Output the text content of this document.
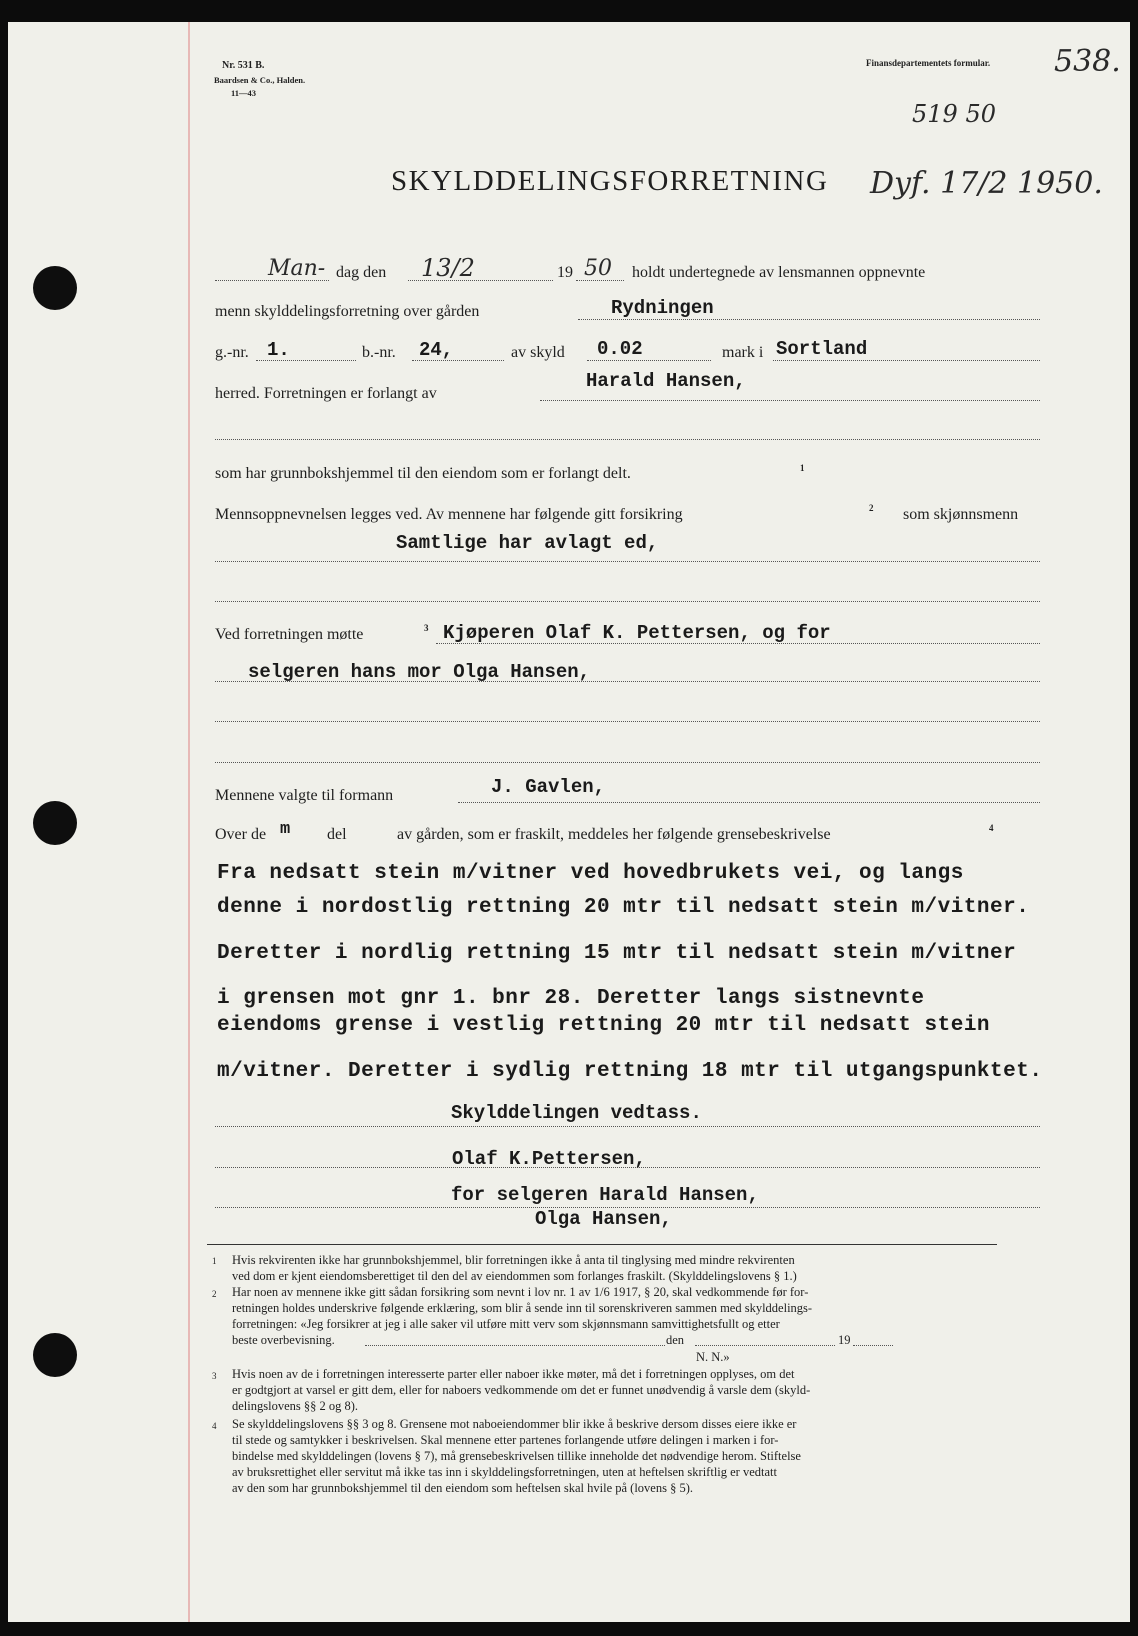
Nr. 531 B.
Baardsen & Co., Halden.
11—43
Finansdepartementets formular. 538.
519 50
SKYLDDELINGSFORRETNING Dyf. 17/2 1950.
Man- dag den 13/2	19 50 holdt undertegnede av lensmannen oppnevnte
menn skylddelingsforretning over gården	Rydningen
g.-nr. 1.	b.-nr. 24,	av skyld 0.02	mark i Sortland
herred. Forretningen er forlangt av
Harald Hansen,
som har grunnbokshjemmel til den eiendom som er forlangt delt.	1
Mennsoppnevnelsen legges ved. Av mennene har følgende gitt forsikring	2 som skjønnsmenn
Samtlige har avlagt ed,
Ved forretningen møtte	3 Kjøperen Olaf K. Pettersen, og for
selgeren hans mor Olga Hansen,
Mennene valgte til formann	J. Gavlen,
Over de m del	av gården, som er fraskilt, meddeles her følgende grensebeskrivelse	4
Fra nedsatt stein m/vitner ved hovedbrukets vei, og langs
denne i nordostlig rettning 20 mtr til nedsatt stein m/vitner.
Deretter i nordlig rettning 15 mtr til nedsatt stein m/vitner
i grensen mot gnr 1. bnr 28. Deretter langs sistnevnte
eiendoms grense i vestlig rettning 20 mtr til nedsatt stein
m/vitner. Deretter i sydlig rettning 18 mtr til utgangspunktet.
Skylddelingen vedtass.
Olaf K.Pettersen,
for selgeren Harald Hansen,
Olga Hansen,
1 Hvis rekvirenten ikke har grunnbokshjemmel, blir forretningen ikke å anta til tinglysing med mindre rekvirenten
ved dom er kjent eiendomsberettiget til den del av eiendommen som forlanges fraskilt. (Skylddelingslovens § 1.)
2 Har noen av mennene ikke gitt sådan forsikring som nevnt i lov nr. 1 av 1/6 1917, § 20, skal vedkommende før for-
retningen holdes underskrive følgende erklæring, som blir å sende inn til sorenskriveren sammen med skylddelings-
forretningen: «Jeg forsikrer at jeg i alle saker vil utføre mitt verv som skjønnsmann samvittighetsfullt og etter
beste overbevisning.	den	19
N. N.»
3 Hvis noen av de i forretningen interesserte parter eller naboer ikke møter, må det i forretningen opplyses, om det
er godtgjort at varsel er gitt dem, eller for naboers vedkommende om det er funnet unødvendig å varsle dem (skyld-
delingslovens §§ 2 og 8).
4 Se skylddelingslovens §§ 3 og 8. Grensene mot naboeiendommer blir ikke å beskrive dersom disses eiere ikke er
til stede og samtykker i beskrivelsen. Skal mennene etter partenes forlangende utføre delingen i marken i for-
bindelse med skylddelingen (lovens § 7), må grensebeskrivelsen tillike inneholde det nødvendige herom. Stiftelse
av bruksrettighet eller servitut må ikke tas inn i skylddelingsforretningen, uten at heftelsen skriftlig er vedtatt
av den som har grunnbokshjemmel til den eiendom som heftelsen skal hvile på (lovens § 5).
